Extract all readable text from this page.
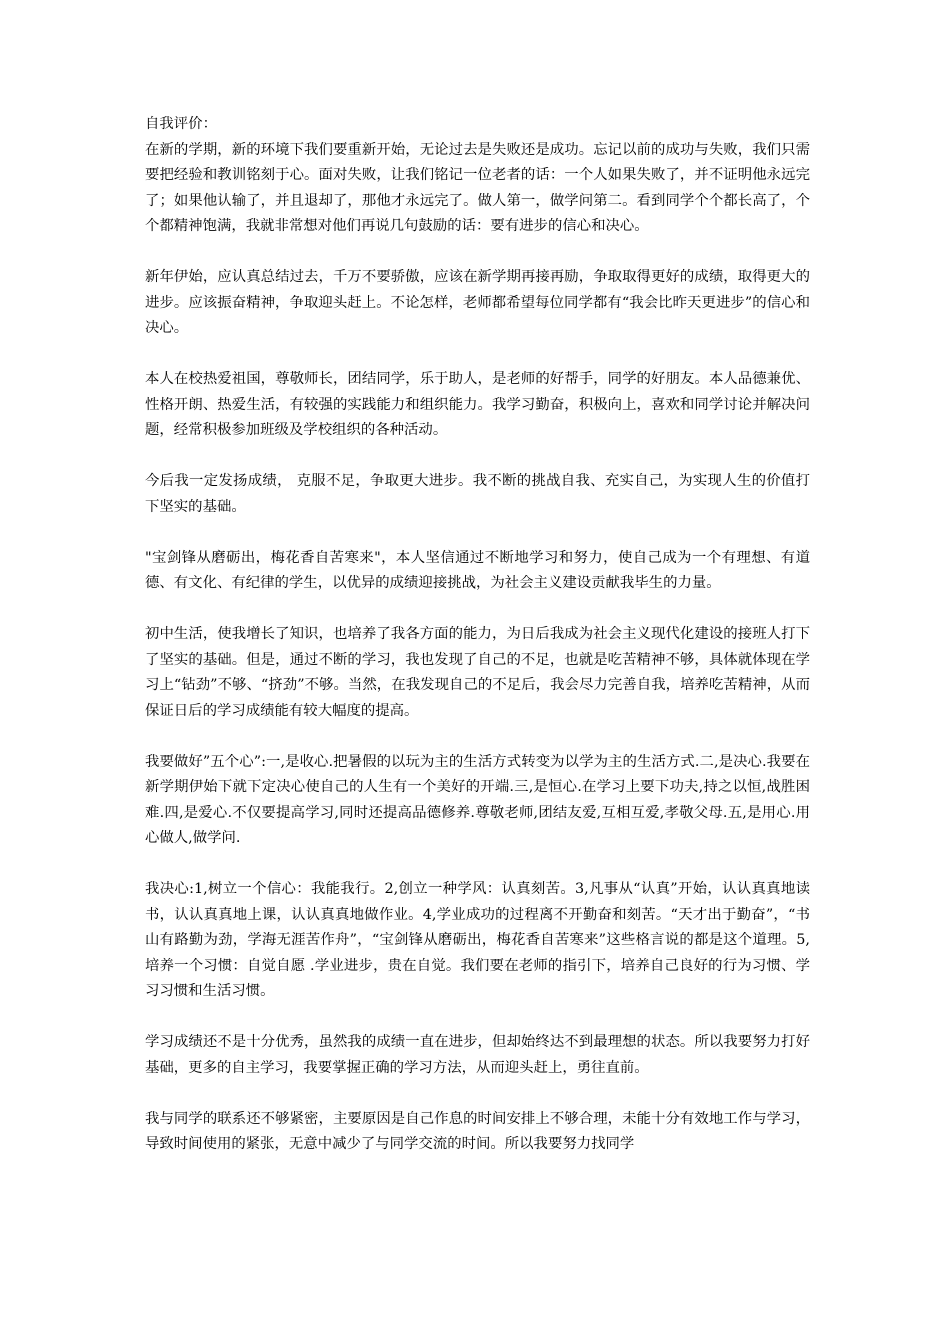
自我评价：

在新的学期，新的环境下我们要重新开始，无论过去是失败还是成功。忘记以前的成功与失败，我们只需要把经验和教训铭刻于心。面对失败，让我们铭记一位老者的话：一个人如果失败了，并不证明他永远完了；如果他认输了，并且退却了，那他才永远完了。做人第一，做学问第二。看到同学个个都长高了，个个都精神饱满，我就非常想对他们再说几句鼓励的话：要有进步的信心和决心。

新年伊始，应认真总结过去，千万不要骄傲，应该在新学期再接再励，争取取得更好的成绩，取得更大的进步。应该振奋精神，争取迎头赶上。不论怎样，老师都希望每位同学都有“我会比昨天更进步”的信心和决心。

本人在校热爱祖国，尊敬师长，团结同学，乐于助人，是老师的好帮手，同学的好朋友。本人品德兼优、性格开朗、热爱生活，有较强的实践能力和组织能力。我学习勤奋，积极向上，喜欢和同学讨论并解决问题，经常积极参加班级及学校组织的各种活动。

今后我一定发扬成绩， 克服不足，争取更大进步。我不断的挑战自我、充实自己，为实现人生的价值打下坚实的基础。

"宝剑锋从磨砺出，梅花香自苦寒来"，本人坚信通过不断地学习和努力，使自己成为一个有理想、有道德、有文化、有纪律的学生，以优异的成绩迎接挑战，为社会主义建设贡献我毕生的力量。

初中生活，使我增长了知识，也培养了我各方面的能力，为日后我成为社会主义现代化建设的接班人打下了坚实的基础。但是，通过不断的学习，我也发现了自己的不足，也就是吃苦精神不够，具体就体现在学习上“钻劲”不够、“挤劲”不够。当然，在我发现自己的不足后，我会尽力完善自我，培养吃苦精神，从而保证日后的学习成绩能有较大幅度的提高。

我要做好”五个心”:一,是收心.把暑假的以玩为主的生活方式转变为以学为主的生活方式.二,是决心.我要在新学期伊始下就下定决心使自己的人生有一个美好的开端.三,是恒心.在学习上要下功夫,持之以恒,战胜困难.四,是爱心.不仅要提高学习,同时还提高品德修养.尊敬老师,团结友爱,互相互爱,孝敬父母.五,是用心.用心做人,做学问.

我决心:1,树立一个信心：我能我行。2,创立一种学风：认真刻苦。3,凡事从“认真”开始，认认真真地读书，认认真真地上课，认认真真地做作业。4,学业成功的过程离不开勤奋和刻苦。“天才出于勤奋”，“书山有路勤为劲，学海无涯苦作舟”，“宝剑锋从磨砺出，梅花香自苦寒来”这些格言说的都是这个道理。5,培养一个习惯：自觉自愿 .学业进步，贵在自觉。我们要在老师的指引下，培养自己良好的行为习惯、学习习惯和生活习惯。

学习成绩还不是十分优秀，虽然我的成绩一直在进步，但却始终达不到最理想的状态。所以我要努力打好基础，更多的自主学习，我要掌握正确的学习方法，从而迎头赶上，勇往直前。

我与同学的联系还不够紧密，主要原因是自己作息的时间安排上不够合理，未能十分有效地工作与学习，导致时间使用的紧张，无意中减少了与同学交流的时间。所以我要努力找同学
